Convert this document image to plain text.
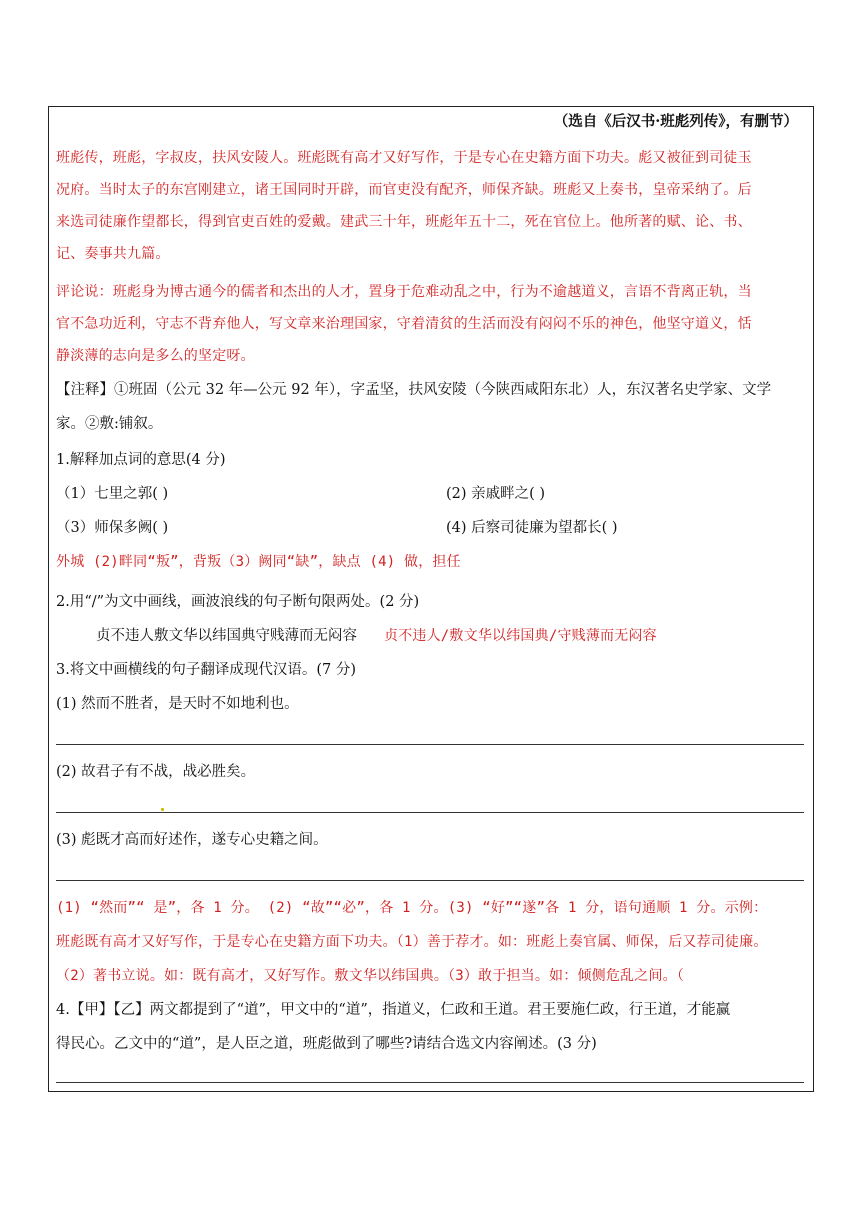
（选自《后汉书·班彪列传》，有删节）
班彪传，班彪，字叔皮，扶风安陵人。班彪既有高才又好写作，于是专心在史籍方面下功夫。彪又被征到司徒玉
况府。当时太子的东宫刚建立，诸王国同时开辟，而官吏没有配齐，师保齐缺。班彪又上奏书，皇帝采纳了。后
来选司徒廉作望都长，得到官吏百姓的爱戴。建武三十年，班彪年五十二，死在官位上。他所著的赋、论、书、
记、奏事共九篇。
评论说：班彪身为博古通今的儒者和杰出的人才，置身于危难动乱之中，行为不逾越道义，言语不背离正轨，当
官不急功近利，守志不背弃他人，写文章来治理国家，守着清贫的生活而没有闷闷不乐的神色，他坚守道义，恬
静淡薄的志向是多么的坚定呀。
【注释】①班固（公元 32 年—公元 92 年），字孟坚，扶风安陵（今陕西咸阳东北）人，东汉著名史学家、文学
家。②敷:铺叙。
1.解释加点词的意思(4 分)
（1）七里之郭( )	(2) 亲戚畔之( )
（3）师保多阙( )	(4) 后察司徒廉为望都长( )
外城 (2)畔同“叛”，背叛（3）阙同“缺”，缺点 (4) 做，担任
2.用“/”为文中画线，画波浪线的句子断句限两处。(2 分)
贞不违人敷文华以纬国典守贱薄而无闷容 贞不违人/敷文华以纬国典/守贱薄而无闷容
3.将文中画横线的句子翻译成现代汉语。(7 分)
(1) 然而不胜者，是天时不如地利也。
(2) 故君子有不战，战必胜矣。
(3) 彪既才高而好述作，遂专心史籍之间。
(1) “然而”“ 是”，各 1 分。 (2) “故”“必”，各 1 分。(3) “好”“遂”各 1 分，语句通顺 1 分。示例：
班彪既有高才又好写作，于是专心在史籍方面下功夫。（1）善于荐才。如：班彪上奏官属、师保，后又荐司徒廉。
（2）著书立说。如：既有高才，又好写作。敷文华以纬国典。（3）敢于担当。如：倾侧危乱之间。（
4.【甲】【乙】两文都提到了“道”，甲文中的“道”，指道义，仁政和王道。君王要施仁政，行王道，才能赢
得民心。乙文中的“道”，是人臣之道，班彪做到了哪些?请结合选文内容阐述。(3 分)
